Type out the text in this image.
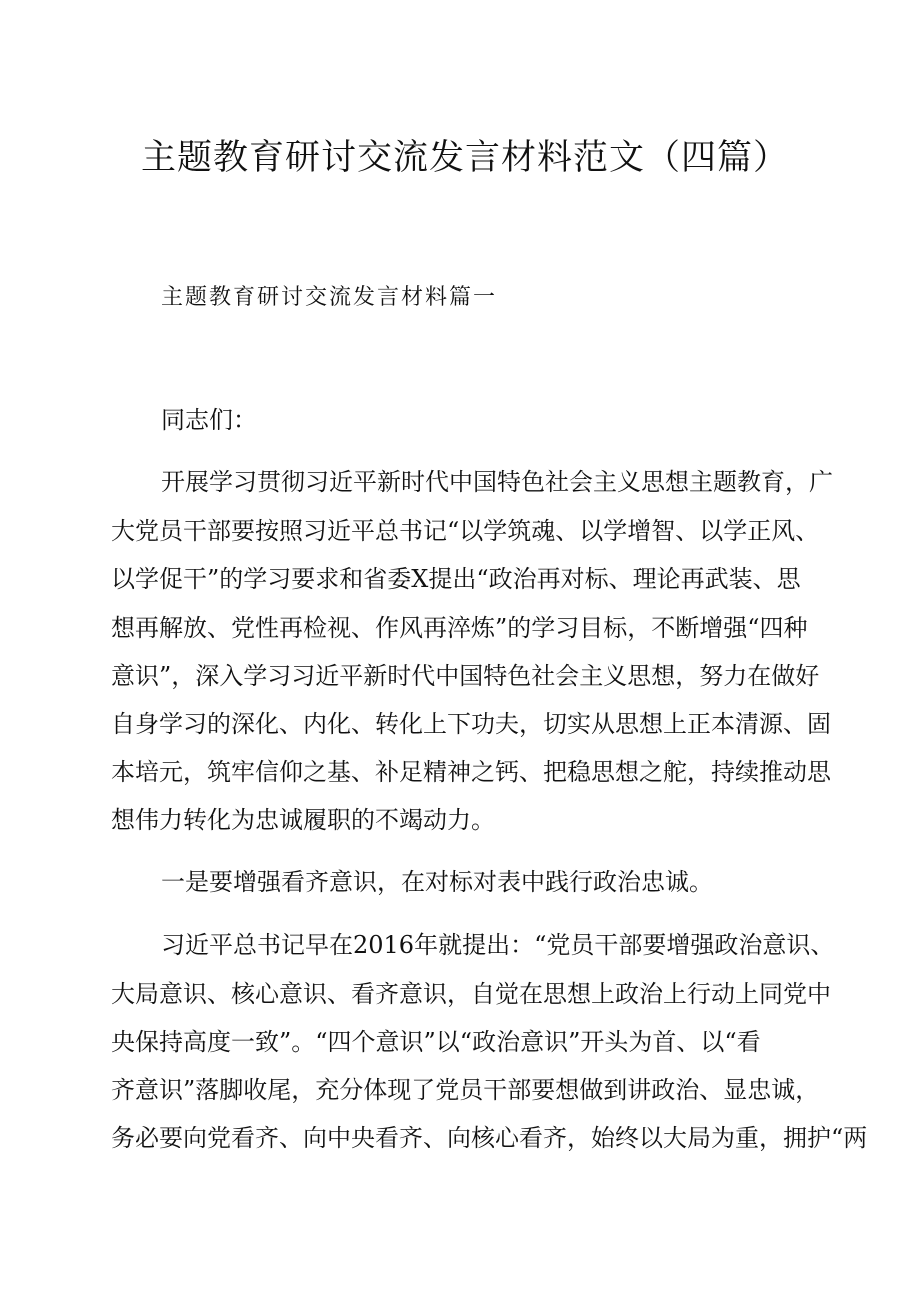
主题教育研讨交流发言材料范文（四篇）

主题教育研讨交流发言材料篇一

同志们：

开展学习贯彻习近平新时代中国特色社会主义思想主题教育，广

大党员干部要按照习近平总书记“以学筑魂、以学增智、以学正风、

以学促干”的学习要求和省委X提出“政治再对标、理论再武装、思

想再解放、党性再检视、作风再淬炼”的学习目标，不断增强“四种

意识”，深入学习习近平新时代中国特色社会主义思想，努力在做好

自身学习的深化、内化、转化上下功夫，切实从思想上正本清源、固

本培元，筑牢信仰之基、补足精神之钙、把稳思想之舵，持续推动思

想伟力转化为忠诚履职的不竭动力。

一是要增强看齐意识，在对标对表中践行政治忠诚。

习近平总书记早在2016年就提出：“党员干部要增强政治意识、

大局意识、核心意识、看齐意识，自觉在思想上政治上行动上同党中

央保持高度一致”。“四个意识”以“政治意识”开头为首、以“看

齐意识”落脚收尾，充分体现了党员干部要想做到讲政治、显忠诚，

务必要向党看齐、向中央看齐、向核心看齐，始终以大局为重，拥护“两
